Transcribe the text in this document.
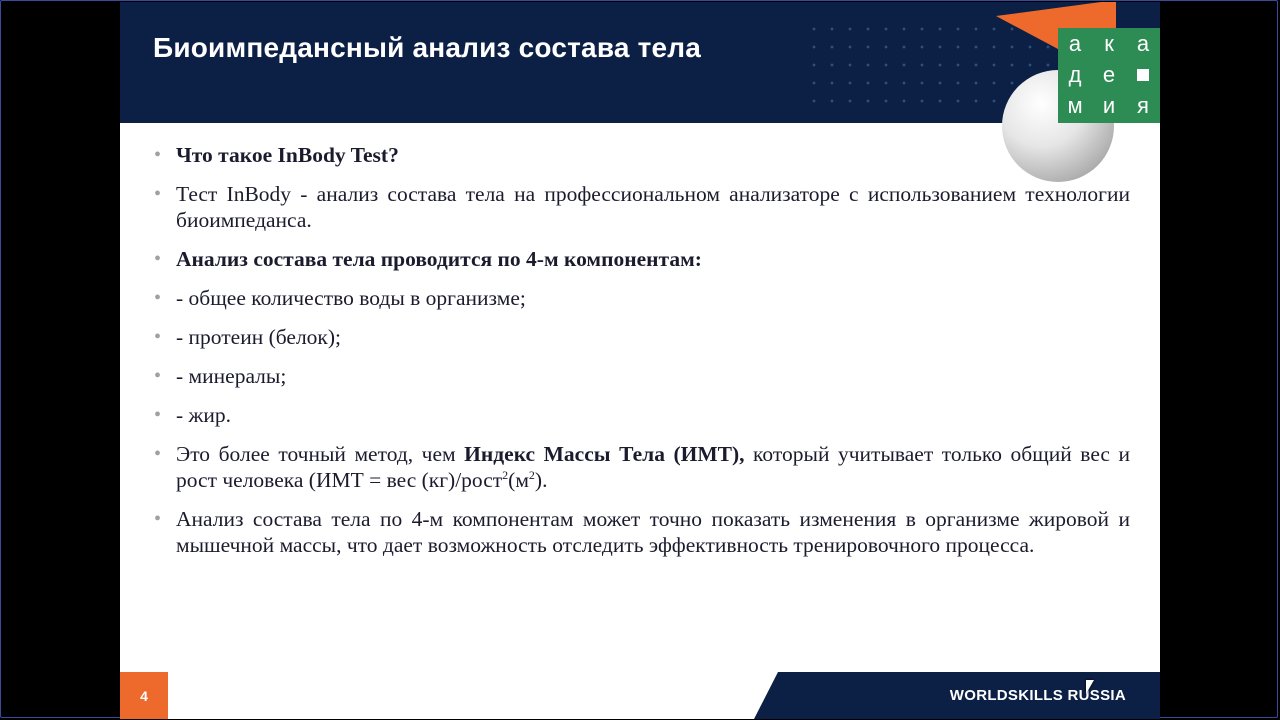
Биоимпедансный анализ состава тела	а к а
д е
м и я
• Что такое InBody Test?
• Тест InBody - анализ состава тела на профессиональном анализаторе с использованием технологии биоимпеданса.
• Анализ состава тела проводится по 4-м компонентам:
• - общее количество воды в организме;
• - протеин (белок);
• - минералы;
• - жир.
• Это более точный метод, чем Индекс Массы Тела (ИМТ), который учитывает только общий вес и рост человека (ИМТ = вес $(кг)/рост^2(м^2)$.
• Анализ состава тела по 4-м компонентам может точно показать изменения в организме жировой и мышечной массы, что дает возможность отследить эффективность тренировочного процесса.
4	WORLDSKILLS RUSSIA
